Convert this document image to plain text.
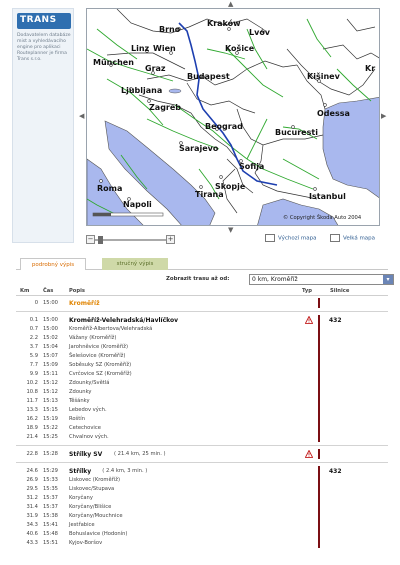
TRANS
Dodavatelem databáze mist a vyhledávacího engine pro aplikaci Routeplanner je firma Trans s.r.o.
Brno
Kraków
Lvov
Linz Wien	Košice
München
Graz
Budapest	Kišinev
Ljubljana
Zagreb
Odessa
Beograd
Bucuresti
Sarajevo
Sofija
Roma	Skopje
Tirana	Istanbul
Napoli
Kr
© Copyright Škoda Auto 2004
▲
▼
◀	▶
−	+	Výchozí mapa	Velká mapa
podrobný výpis	stručný výpis
Zobrazit trasu až od:	0 km, Kroměříž	▾
Km	Čas	Popis	Typ	Silnice
0 15:00 Kroměříž
0.1 15:00 Kroměříž-Velehradská/Havlíčkov	432
0.7 15:00 Kroměříž-Albertova/Velehradská
2.2 15:02 Vážany (Kroměříž)
3.7 15:04 Jarohněvice (Kroměříž)
5.9 15:07 Šelešovice (Kroměříž)
7.7 15:09 Soběsuky SZ (Kroměříž)
9.9 15:11 Cvrčovice SZ (Kroměříž)
10.2 15:12 Zdounky/Světlá
10.8 15:12 Zdounky
11.7 15:13 Těšánky
13.3 15:15 Lebedov vých.
16.2 15:19 Roštín
18.9 15:22 Cetechovice
21.4 15:25 Chvalnov vých.
22.8 15:28 Střílky SV ( 21.4 km, 25 min. )
24.6 15:29 Střílky ( 2.4 km, 3 min. )	432
26.9 15:33 Liskovec (Kroměříž)
29.5 15:35 Liskovec/Stupava
31.2 15:37 Koryčany
31.4 15:37 Koryčany/Blišice
31.9 15:38 Koryčany/Mouchnice
34.3 15:41 Jestřabice
40.6 15:48 Bohuslavice (Hodonín)
43.3 15:51 Kyjov-Boršov
